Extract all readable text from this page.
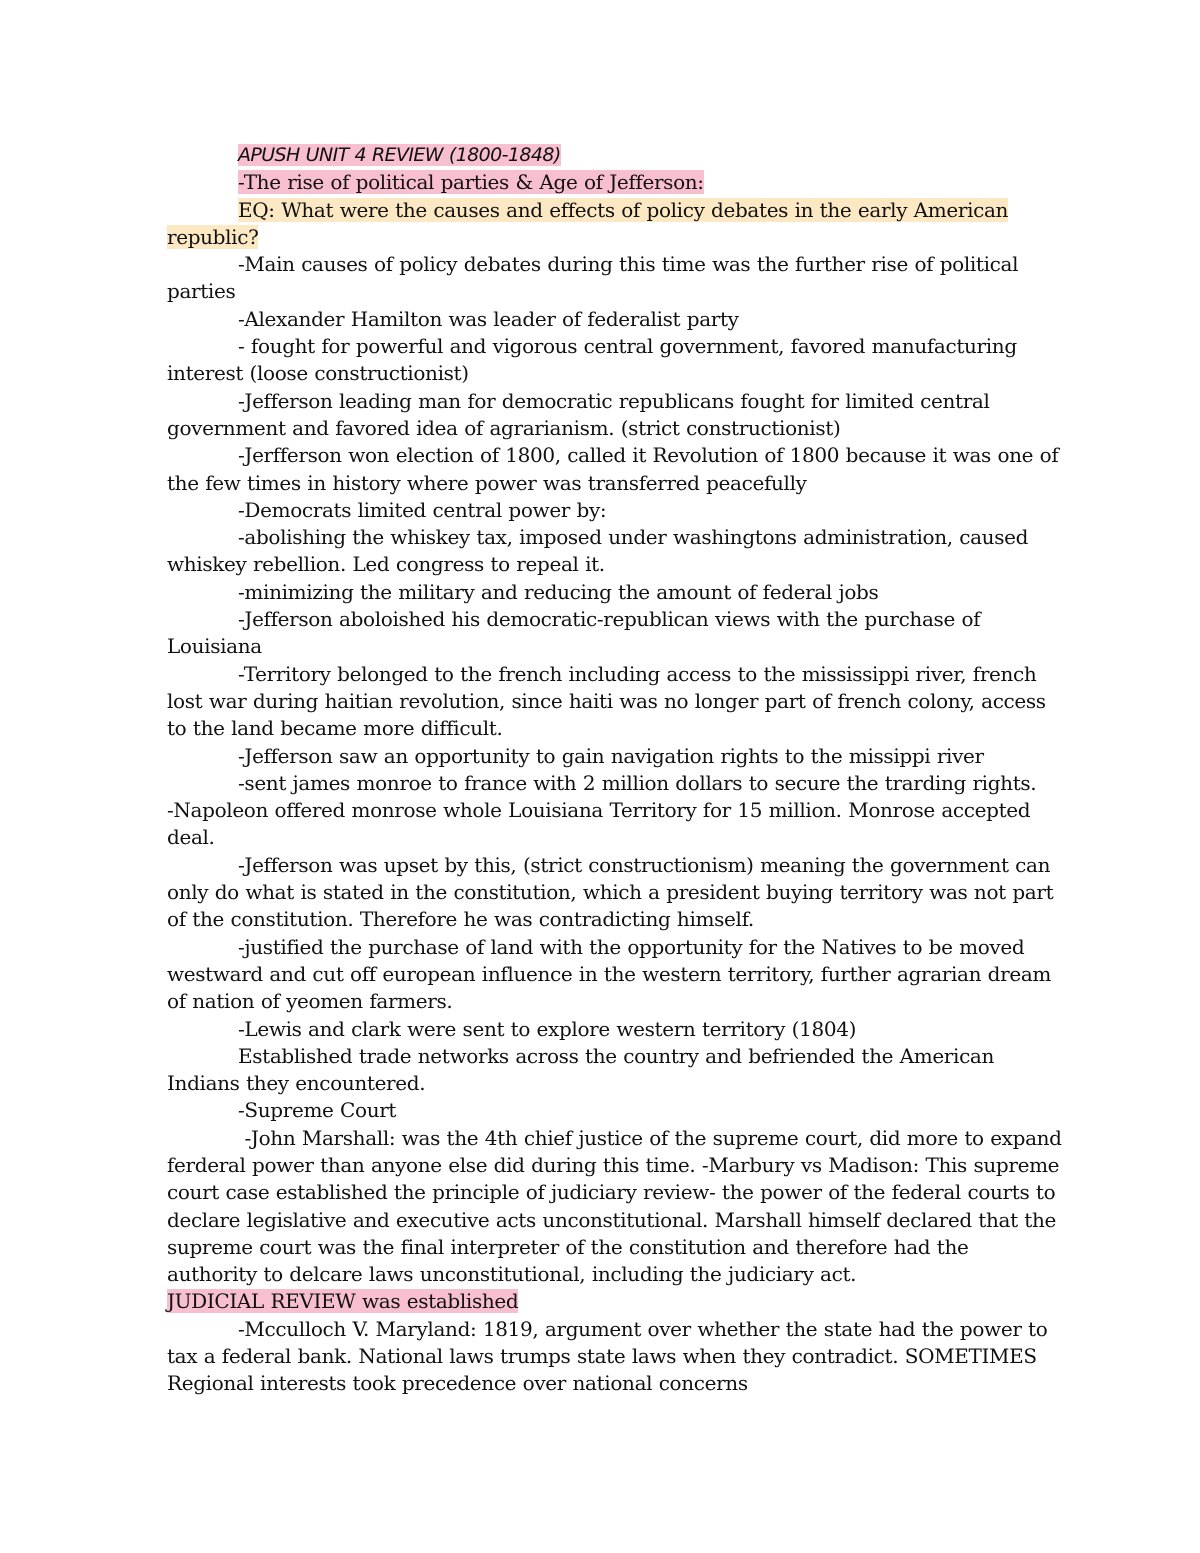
APUSH UNIT 4 REVIEW (1800-1848)

-The rise of political parties & Age of Jefferson:

EQ: What were the causes and effects of policy debates in the early American republic?

-Main causes of policy debates during this time was the further rise of political parties

-Alexander Hamilton was leader of federalist party

- fought for powerful and vigorous central government, favored manufacturing interest (loose constructionist)

-Jefferson leading man for democratic republicans fought for limited central government and favored idea of agrarianism. (strict constructionist)

-Jerfferson won election of 1800, called it Revolution of 1800 because it was one of the few times in history where power was transferred peacefully

-Democrats limited central power by:

-abolishing the whiskey tax, imposed under washingtons administration, caused whiskey rebellion. Led congress to repeal it.

-minimizing the military and reducing the amount of federal jobs

-Jefferson aboloished his democratic-republican views with the purchase of Louisiana

-Territory belonged to the french including access to the mississippi river, french lost war during haitian revolution, since haiti was no longer part of french colony, access to the land became more difficult.

-Jefferson saw an opportunity to gain navigation rights to the missippi river

-sent james monroe to france with 2 million dollars to secure the trarding rights.

-Napoleon offered monrose whole Louisiana Territory for 15 million. Monrose accepted deal.

-Jefferson was upset by this, (strict constructionism) meaning the government can only do what is stated in the constitution, which a president buying territory was not part of the constitution. Therefore he was contradicting himself.

-justified the purchase of land with the opportunity for the Natives to be moved westward and cut off european influence in the western territory, further agrarian dream of nation of yeomen farmers.

-Lewis and clark were sent to explore western territory (1804)

Established trade networks across the country and befriended the American Indians they encountered.

-Supreme Court

-John Marshall: was the 4th chief justice of the supreme court, did more to expand ferderal power than anyone else did during this time. -Marbury vs Madison: This supreme court case established the principle of judiciary review- the power of the federal courts to declare legislative and executive acts unconstitutional. Marshall himself declared that the supreme court was the final interpreter of the constitution and therefore had the authority to delcare laws unconstitutional, including the judiciary act.

JUDICIAL REVIEW was established

-Mcculloch V. Maryland: 1819, argument over whether the state had the power to tax a federal bank. National laws trumps state laws when they contradict. SOMETIMES Regional interests took precedence over national concerns
